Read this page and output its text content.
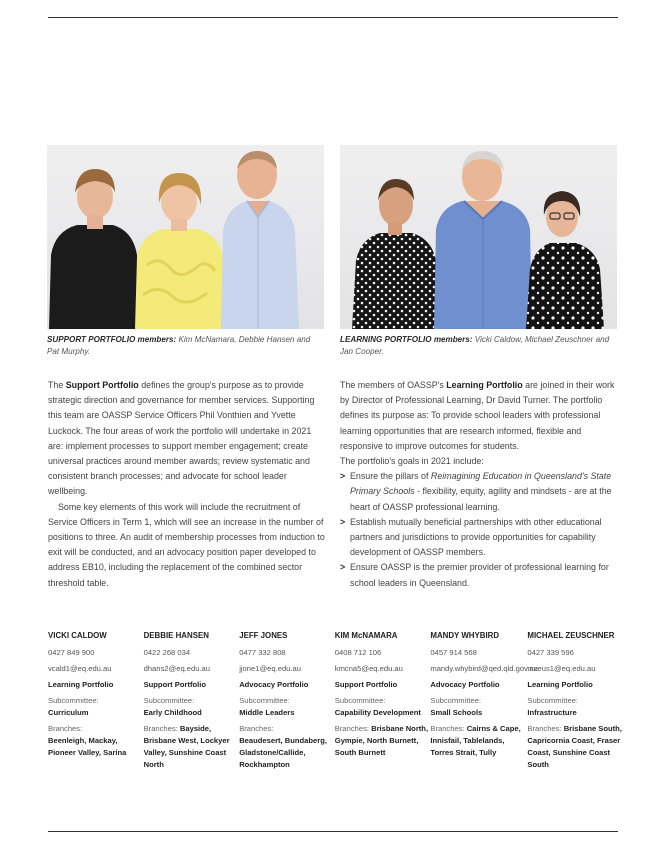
SUPPORT PORTFOLIO members: Kim McNamara, Debbie Hansen and Pat Murphy.
LEARNING PORTFOLIO members: Vicki Caldow, Michael Zeuschner and Jan Cooper.

The Support Portfolio defines the group's purpose as to provide strategic direction and governance for member services. Supporting this team are OASSP Service Officers Phil Vonthien and Yvette Luckock. The four areas of work the portfolio will undertake in 2021 are: implement processes to support member engagement; create universal practices around member awards; review systematic and consistent branch processes; and advocate for school leader wellbeing.

Some key elements of this work will include the recruitment of Service Officers in Term 1, which will see an increase in the number of positions to three. An audit of membership processes from induction to exit will be conducted, and an advocacy position paper developed to address EB10, including the replacement of the combined sector threshold table.

The members of OASSP's Learning Portfolio are joined in their work by Director of Professional Learning, Dr David Turner. The portfolio defines its purpose as: To provide school leaders with professional learning opportunities that are research informed, flexible and responsive to improve outcomes for students.

The portfolio's goals in 2021 include:

> Ensure the pillars of Reimagining Education in Queensland's State Primary Schools - flexibility, equity, agility and mindsets - are at the heart of OASSP professional learning.
> Establish mutually beneficial partnerships with other educational partners and jurisdictions to provide opportunities for capability development of OASSP members.
> Ensure OASSP is the premier provider of professional learning for school leaders in Queensland.
VICKI CALDOW
0427 849 900
vcald1@eq.edu.au
Learning Portfolio
Subcommittee:
Curriculum
Branches:
Beenleigh, Mackay, Pioneer Valley, Sarina
DEBBIE HANSEN
0422 268 034
dhans2@eq.edu.au
Support Portfolio
Subcommittee:
Early Childhood
Branches: Bayside, Brisbane West, Lockyer Valley, Sunshine Coast North
JEFF JONES
0477 332 808
jjone1@eq.edu.au
Advocacy Portfolio
Subcommittee:
Middle Leaders
Branches:
Beaudesert, Bundaberg, Gladstone/Callide, Rockhampton
KIM McNAMARA
0408 712 106
kmcna5@eq.edu.au
Support Portfolio
Subcommittee:
Capability Development
Branches: Brisbane North, Gympie, North Burnett, South Burnett
MANDY WHYBIRD
0457 914 568
mandy.whybird@qed.qld.gov.au
Advocacy Portfolio
Subcommittee:
Small Schools
Branches: Cairns & Cape, Innisfail, Tablelands, Torres Strait, Tully
MICHAEL ZEUSCHNER
0427 339 596
mzeus1@eq.edu.au
Learning Portfolio
Subcommittee:
Infrastructure
Branches: Brisbane South, Capricornia Coast, Fraser Coast, Sunshine Coast South
